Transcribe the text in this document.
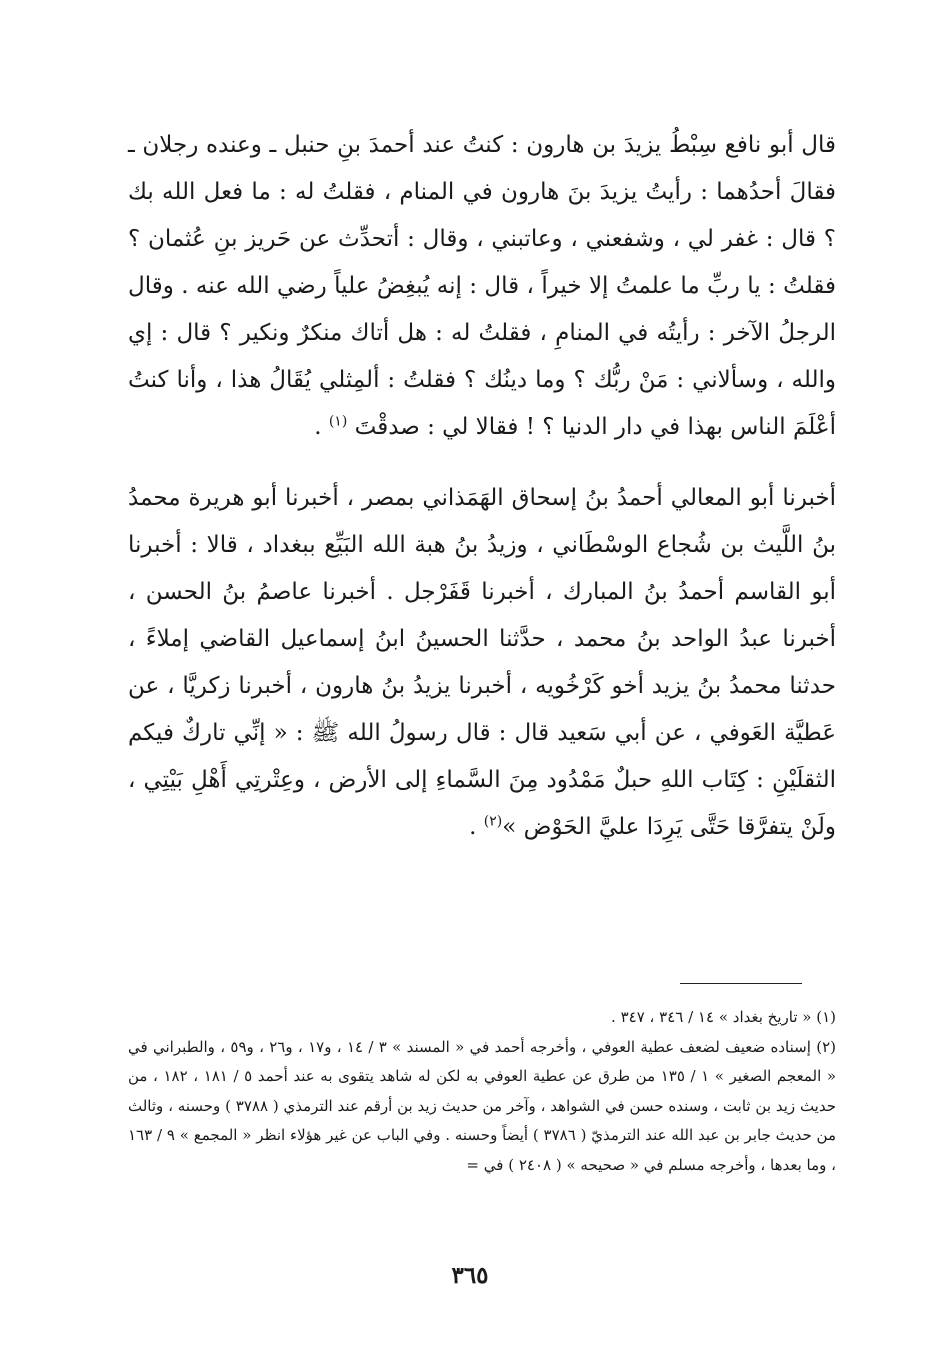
قال أبو نافع سِبْطُ يزيدَ بن هارون : كنتُ عند أحمدَ بنِ حنبل ـ وعنده رجلان ـ فقالَ أحدُهما : رأيتُ يزيدَ بنَ هارون في المنام ، فقلتُ له : ما فعل الله بك ؟ قال : غفر لي ، وشفعني ، وعاتبني ، وقال : أتحدِّث عن حَريز بنِ عُثمان ؟ فقلتُ : يا ربِّ ما علمتُ إلا خيراً ، قال : إنه يُبغِضُ علياً رضي الله عنه . وقال الرجلُ الآخر : رأيتُه في المنامِ ، فقلتُ له : هل أتاك منكرٌ ونكير ؟ قال : إي والله ، وسألاني : مَنْ ربُّك ؟ وما دينُك ؟ فقلتُ : ألمِثلي يُقَالُ هذا ، وأنا كنتُ أعْلَمَ الناس بهذا في دار الدنيا ؟ ! فقالا لي : صدقْتَ $^{(١)}$ .

أخبرنا أبو المعالي أحمدُ بنُ إسحاق الهَمَذاني بمصر ، أخبرنا أبو هريرة محمدُ بنُ اللَّيث بن شُجاع الوسْطَاني ، وزيدُ بنُ هبة الله البَيِّع ببغداد ، قالا : أخبرنا أبو القاسم أحمدُ بنُ المبارك ، أخبرنا قَفَرْجل . أخبرنا عاصمُ بنُ الحسن ، أخبرنا عبدُ الواحد بنُ محمد ، حدَّثنا الحسينُ ابنُ إسماعيل القاضي إملاءً ، حدثنا محمدُ بنُ يزيد أخو كَرْخُويه ، أخبرنا يزيدُ بنُ هارون ، أخبرنا زكريَّا ، عن عَطيَّة العَوفي ، عن أبي سَعيد قال : قال رسولُ الله ﷺ : « إنِّي تاركٌ فيكم الثقلَيْنِ : كِتَاب اللهِ حبلٌ مَمْدُود مِنَ السَّماءِ إلى الأرض ، وعِتْرتِي أَهْلِ بَيْتِي ، ولَنْ يتفرَّقا حَتَّى يَرِدَا عليَّ الحَوْض »$^{(٢)}$ .

(١) « تاريخ بغداد » ١٤ / ٣٤٦ ، ٣٤٧ .

(٢) إسناده ضعيف لضعف عطية العوفي ، وأخرجه أحمد في « المسند » ٣ / ١٤ ، و١٧ ، و٢٦ ، و٥٩ ، والطبراني في « المعجم الصغير » ١ / ١٣٥ من طرق عن عطية العوفي به لكن له شاهد يتقوى به عند أحمد ٥ / ١٨١ ، ١٨٢ ، من حديث زيد بن ثابت ، وسنده حسن في الشواهد ، وآخر من حديث زيد بن أرقم عند الترمذي ( ٣٧٨٨ ) وحسنه ، وثالث من حديث جابر بن عبد الله عند الترمذيّ ( ٣٧٨٦ ) أيضاً وحسنه . وفي الباب عن غير هؤلاء انظر « المجمع » ٩ / ١٦٣ ، وما بعدها ، وأخرجه مسلم في « صحيحه » ( ٢٤٠٨ ) في =

٣٦٥
